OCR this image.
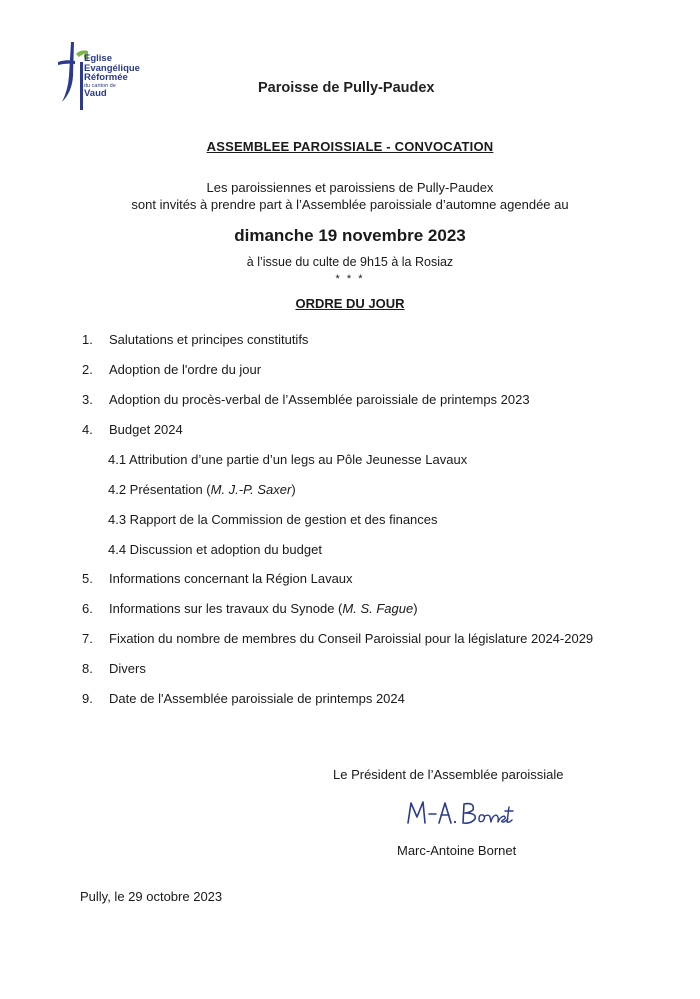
Eglise
Evangélique
Réformée
du canton de
Vaud	Paroisse de Pully-Paudex
ASSEMBLEE PAROISSIALE - CONVOCATION
Les paroissiennes et paroissiens de Pully-Paudex
sont invités à prendre part à l’Assemblée paroissiale d’automne agendée au
dimanche 19 novembre 2023
à l’issue du culte de 9h15 à la Rosiaz
* * *
ORDRE DU JOUR
1. Salutations et principes constitutifs
2. Adoption de l'ordre du jour
3. Adoption du procès-verbal de l’Assemblée paroissiale de printemps 2023
4. Budget 2024
4.1 Attribution d’une partie d’un legs au Pôle Jeunesse Lavaux
4.2 Présentation (M. J.-P. Saxer)
4.3 Rapport de la Commission de gestion et des finances
4.4 Discussion et adoption du budget
5. Informations concernant la Région Lavaux
6. Informations sur les travaux du Synode (M. S. Fague)
7. Fixation du nombre de membres du Conseil Paroissial pour la législature 2024-2029
8. Divers
9. Date de l'Assemblée paroissiale de printemps 2024
Le Président de l’Assemblée paroissiale
Marc-Antoine Bornet
Pully, le 29 octobre 2023
